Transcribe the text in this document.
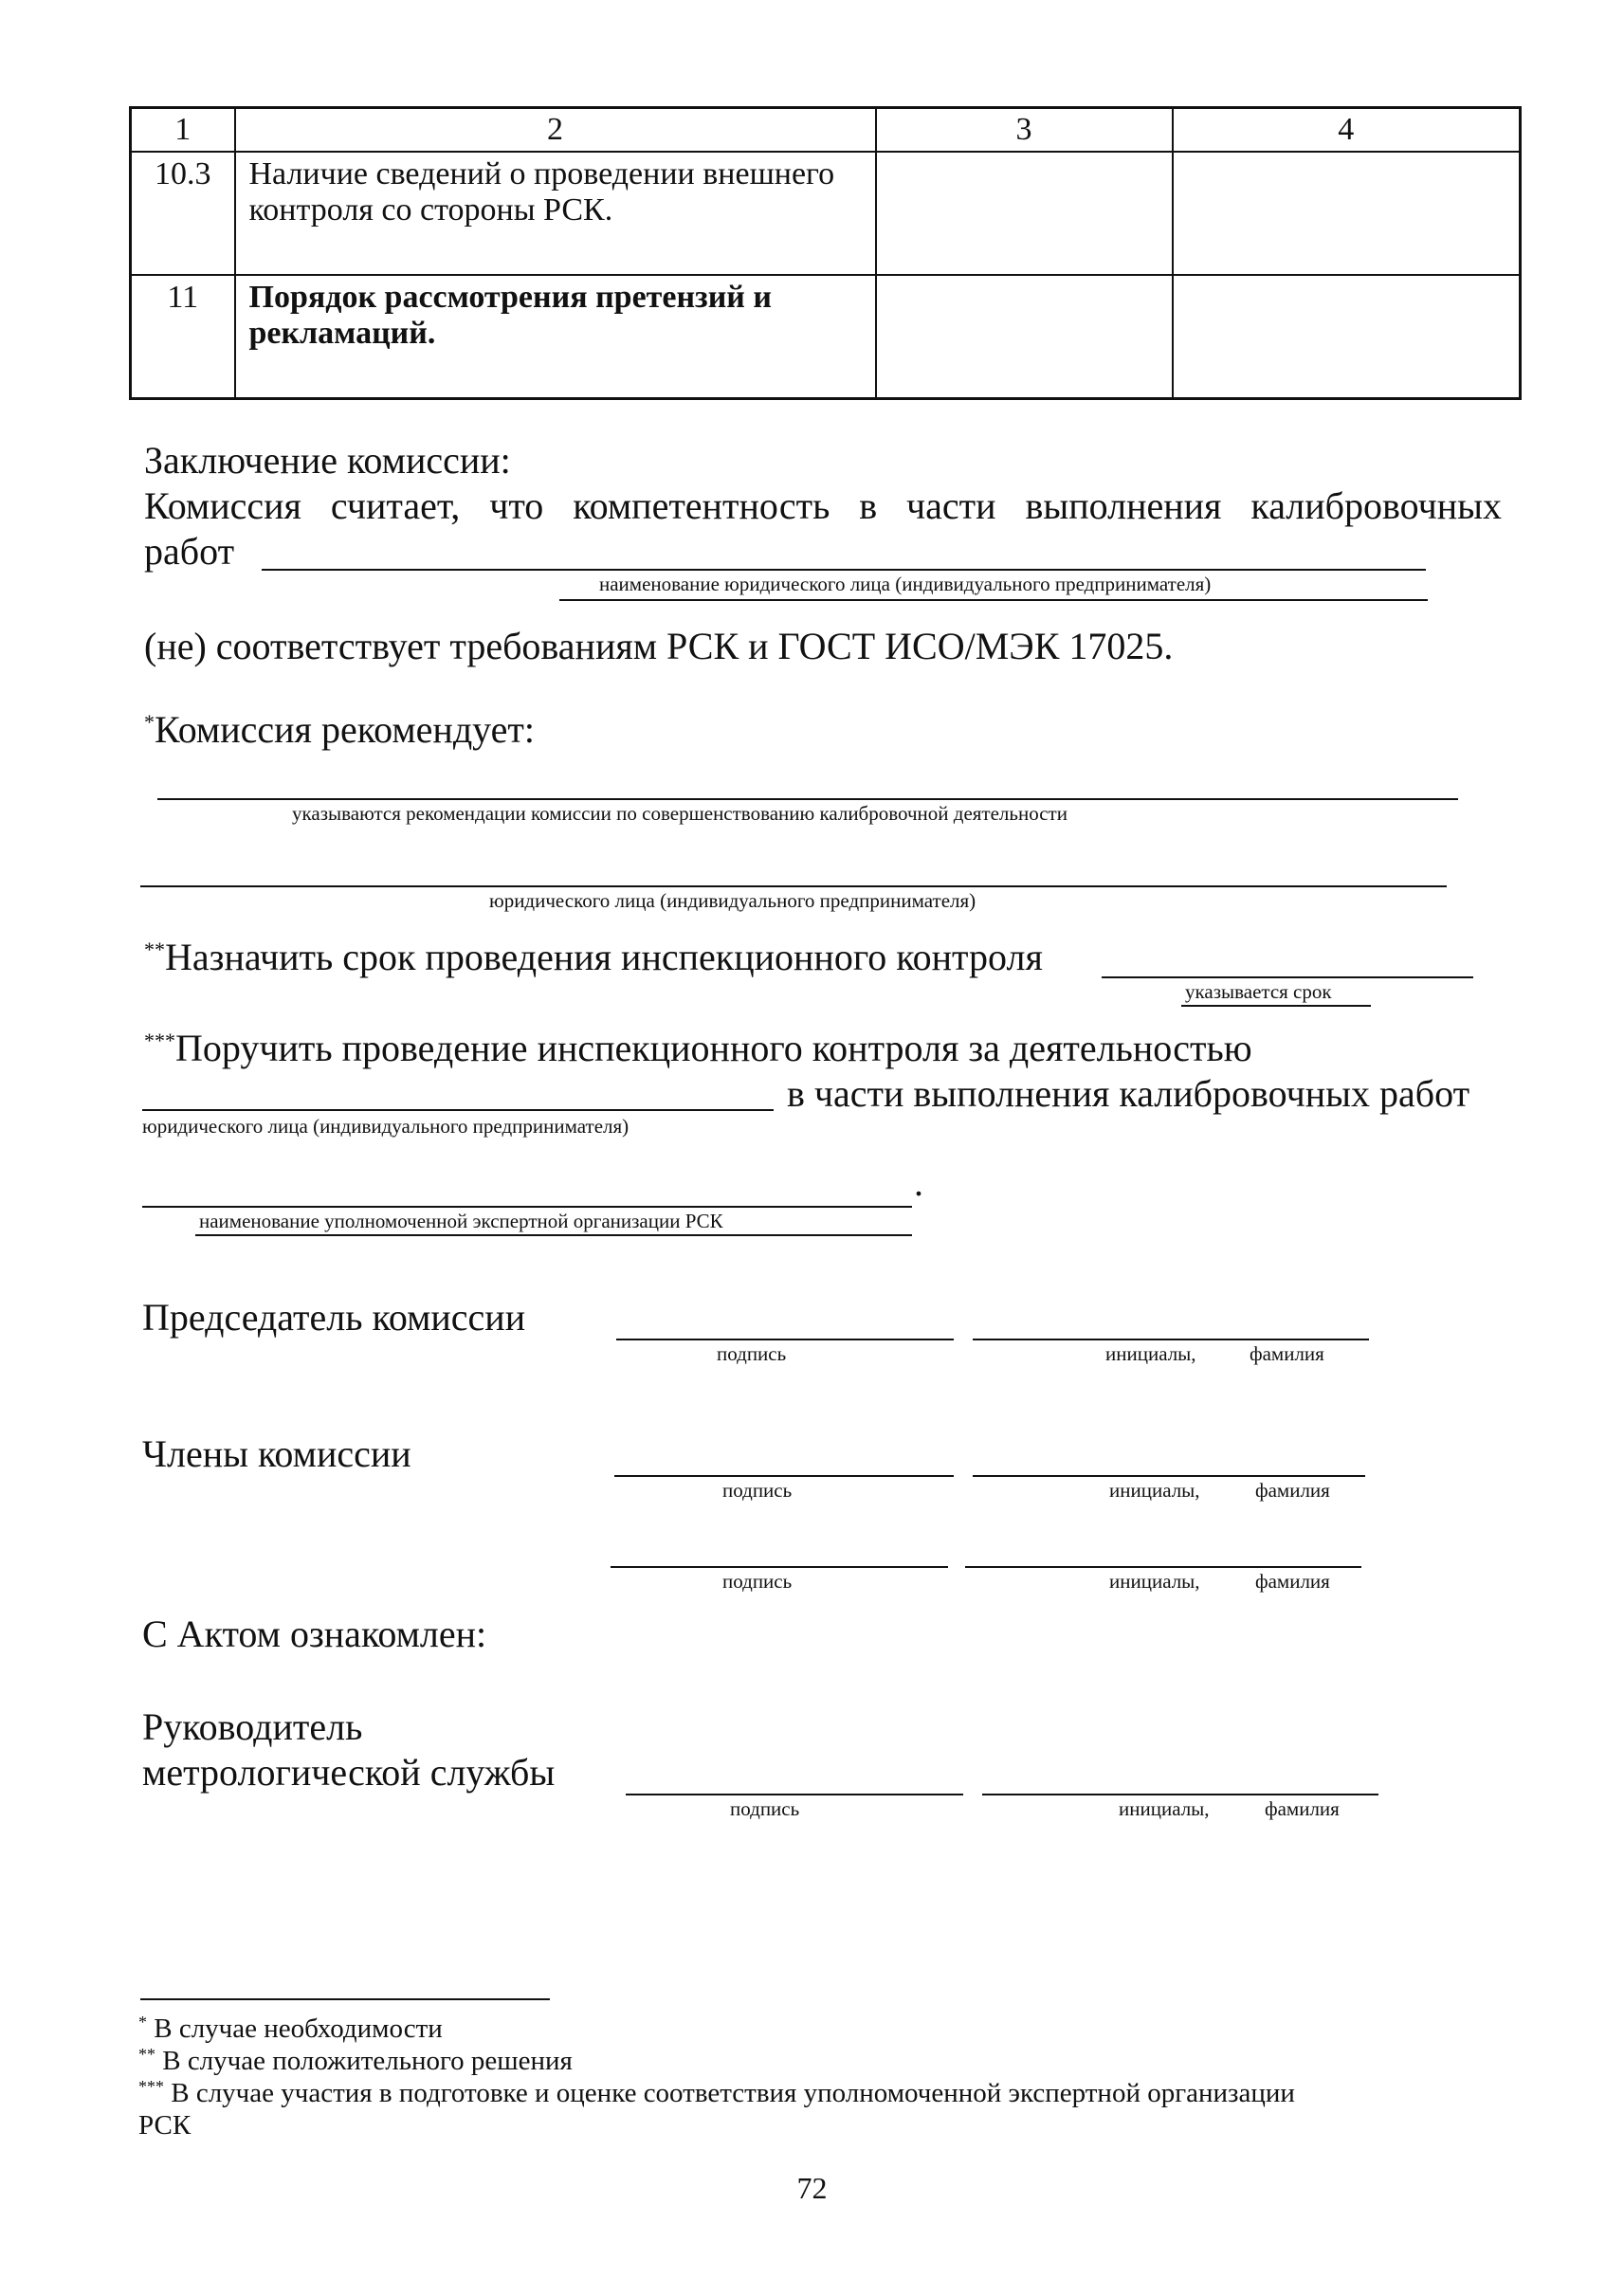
1	2	3	4
10.3	Наличие сведений о проведении внешнего контроля со стороны РСК.		
11	Порядок рассмотрения претензий и рекламаций.		
Заключение комиссии:
Комиссия считает, что компетентность в части выполнения калибровочных
работ
наименование юридического лица (индивидуального предпринимателя)
(не) соответствует требованиям РСК и ГОСТ ИСО/МЭК 17025.
*Комиссия рекомендует:
указываются рекомендации комиссии по совершенствованию калибровочной деятельности
юридического лица (индивидуального предпринимателя)
**Назначить срок проведения инспекционного контроля
указывается срок
***Поручить проведение инспекционного контроля за деятельностью
в части выполнения калибровочных работ
юридического лица (индивидуального предпринимателя)
.
наименование уполномоченной экспертной организации РСК
Председатель комиссии
подпись	инициалы,	фамилия
Члены комиссии
подпись	инициалы,	фамилия
подпись	инициалы,	фамилия
С Актом ознакомлен:
Руководитель
метрологической службы
подпись	инициалы,	фамилия
* В случае необходимости
** В случае положительного решения
*** В случае участия в подготовке и оценке соответствия уполномоченной экспертной организации
РСК
72
